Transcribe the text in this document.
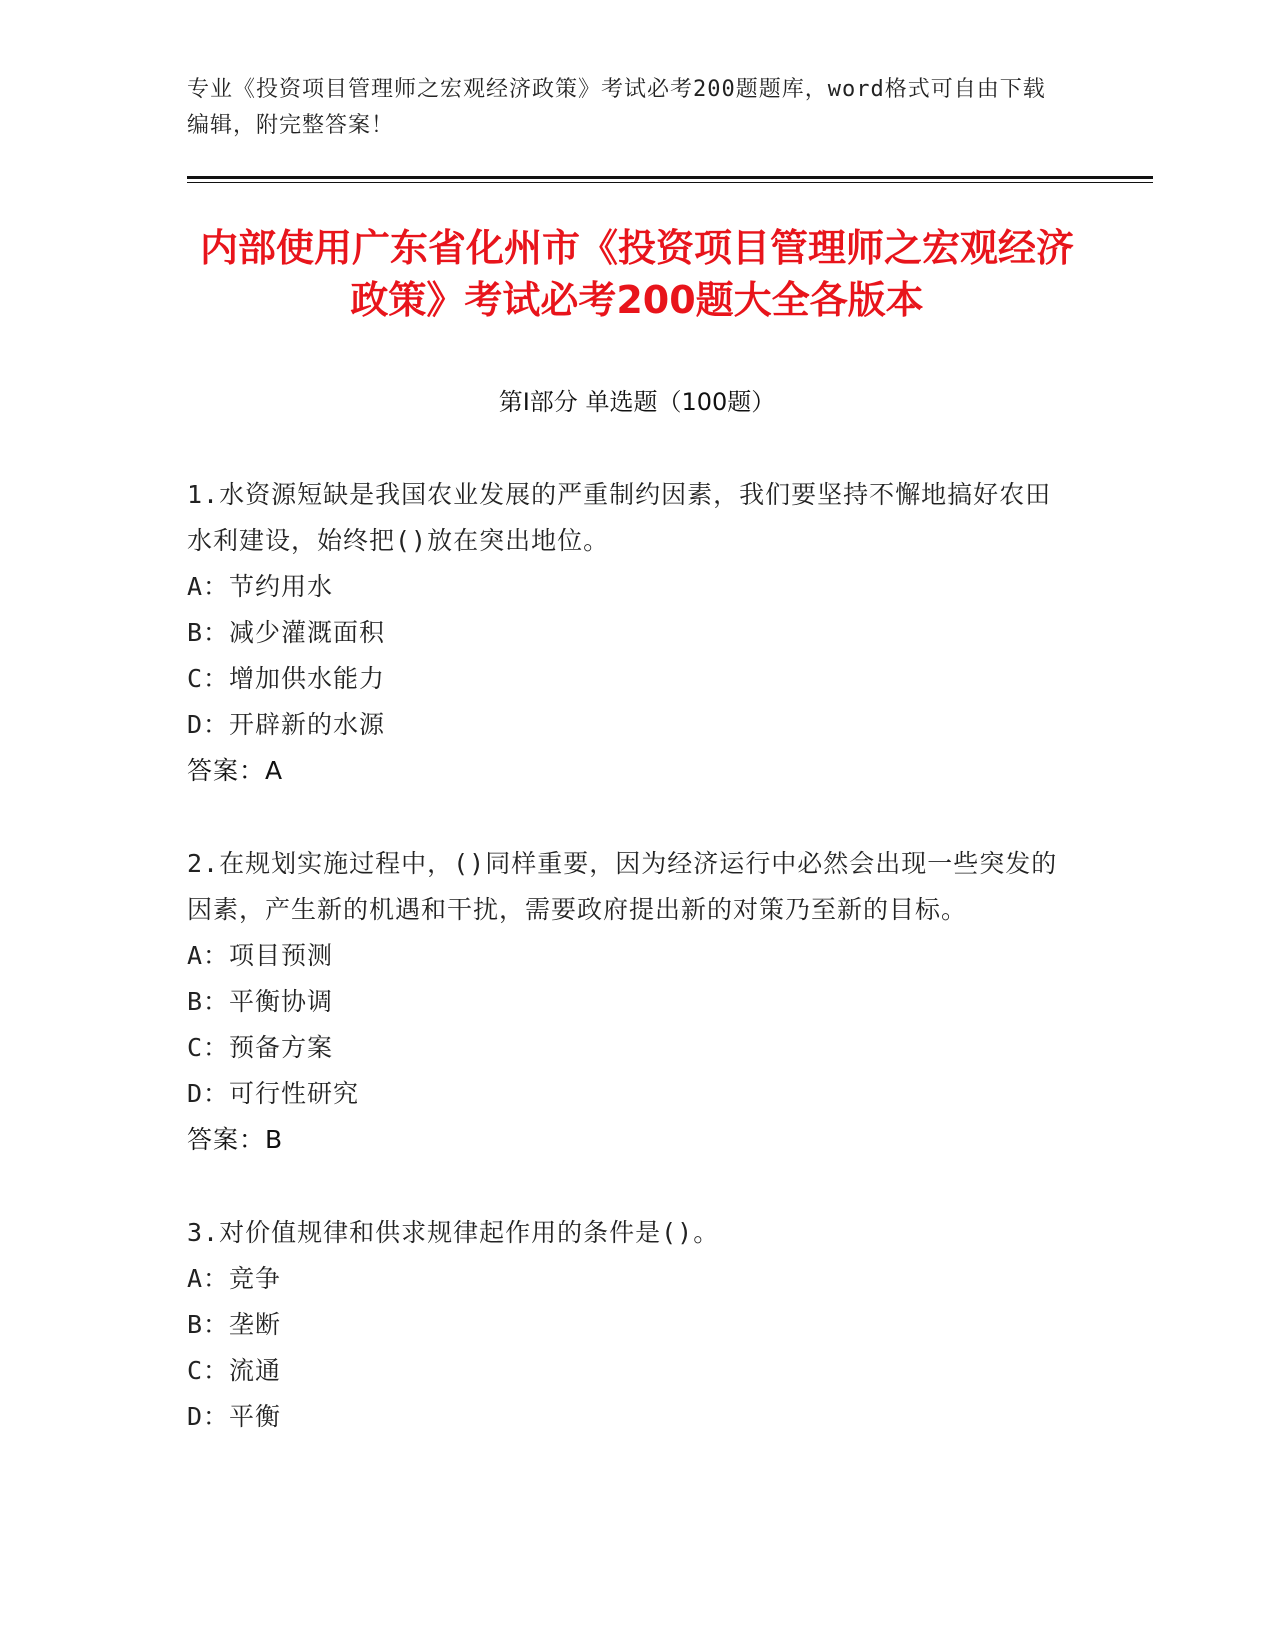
专业《投资项目管理师之宏观经济政策》考试必考200题题库，word格式可自由下载编辑，附完整答案！
内部使用广东省化州市《投资项目管理师之宏观经济政策》考试必考200题大全各版本
第Ⅰ部分 单选题（100题）

1.水资源短缺是我国农业发展的严重制约因素，我们要坚持不懈地搞好农田水利建设，始终把()放在突出地位。

A：节约用水

B：减少灌溉面积

C：增加供水能力

D：开辟新的水源

答案：A

2.在规划实施过程中，()同样重要，因为经济运行中必然会出现一些突发的因素，产生新的机遇和干扰，需要政府提出新的对策乃至新的目标。

A：项目预测

B：平衡协调

C：预备方案

D：可行性研究

答案：B

3.对价值规律和供求规律起作用的条件是()。

A：竞争

B：垄断

C：流通

D：平衡
